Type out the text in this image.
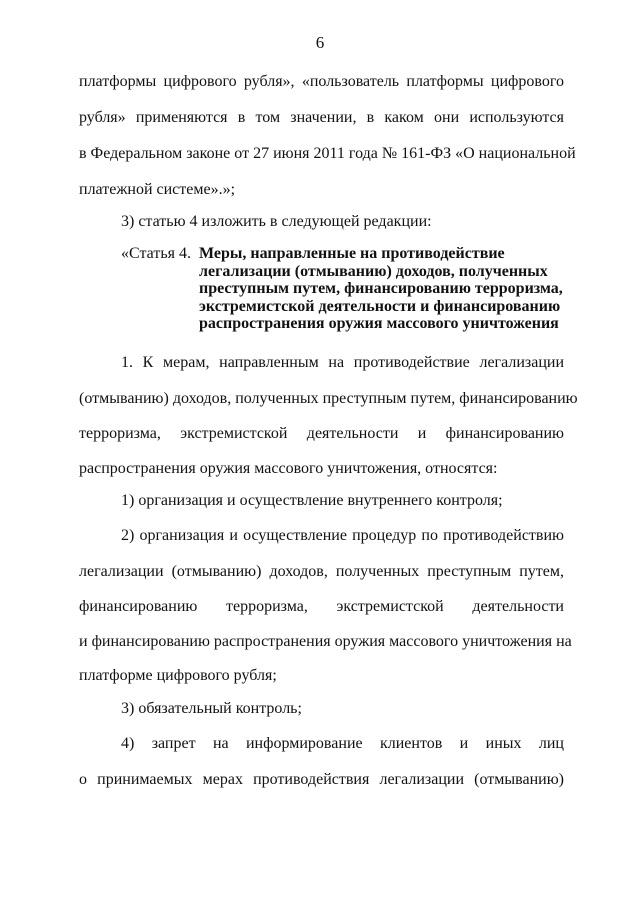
6
платформы цифрового рубля», «пользователь платформы цифрового
рубля» применяются в том значении, в каком они используются
в Федеральном законе от 27 июня 2011 года № 161-ФЗ «О национальной
платежной системе».»;
3) статью 4 изложить в следующей редакции:
«Статья 4. Меры, направленные на противодействие
легализации (отмыванию) доходов, полученных
преступным путем, финансированию терроризма,
экстремистской деятельности и финансированию
распространения оружия массового уничтожения
1. К мерам, направленным на противодействие легализации
(отмыванию) доходов, полученных преступным путем, финансированию
терроризма, экстремистской деятельности и финансированию
распространения оружия массового уничтожения, относятся:
1) организация и осуществление внутреннего контроля;
2) организация и осуществление процедур по противодействию
легализации (отмыванию) доходов, полученных преступным путем,
финансированию терроризма, экстремистской деятельности
и финансированию распространения оружия массового уничтожения на
платформе цифрового рубля;
3) обязательный контроль;
4) запрет на информирование клиентов и иных лиц
о принимаемых мерах противодействия легализации (отмыванию)
